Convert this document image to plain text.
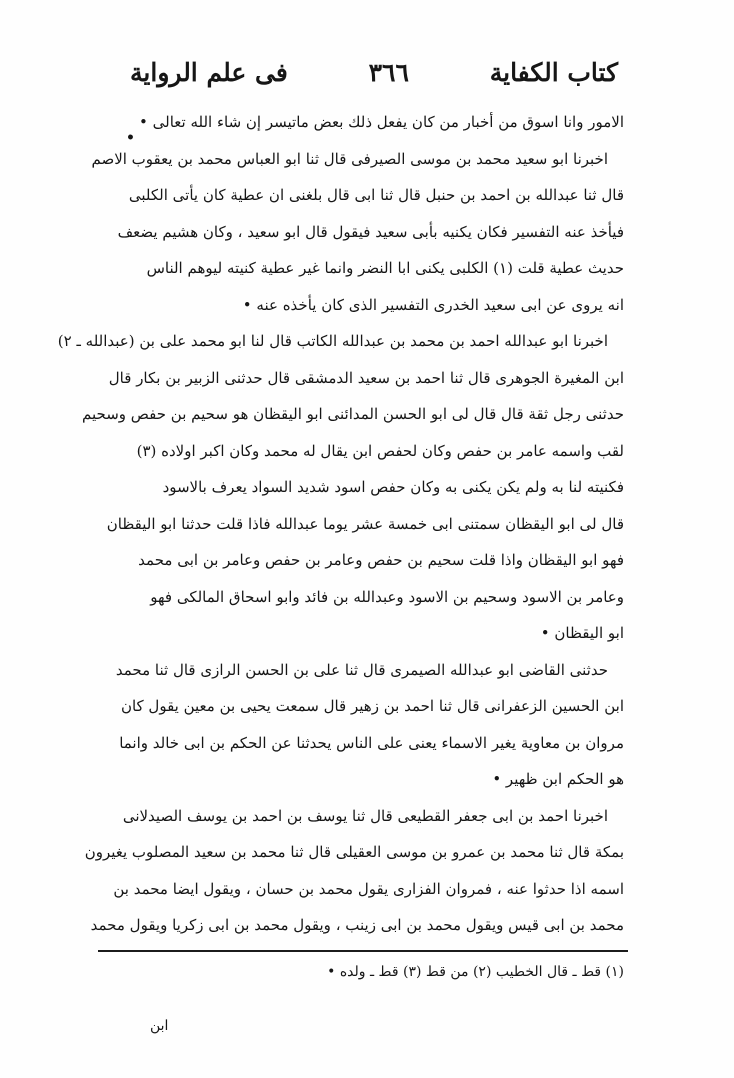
كتاب الكفاية
٣٦٦
فى علم الرواية
•
الامور وانا اسوق من أخبار من كان يفعل ذلك بعض ماتيسر إن شاء الله تعالى •
اخبرنا ابو سعيد محمد بن موسى الصيرفى قال ثنا ابو العباس محمد بن يعقوب الاصم
قال ثنا عبدالله بن احمد بن حنبل قال ثنا ابى قال بلغنى ان عطية كان يأتى الكلبى
فيأخذ عنه التفسير فكان يكنيه بأبى سعيد فيقول قال ابو سعيد ، وكان هشيم يضعف
حديث عطية قلت (١) الكلبى يكنى ابا النضر وانما غير عطية كنيته ليوهم الناس
انه يروى عن ابى سعيد الخدرى التفسير الذى كان يأخذه عنه •
اخبرنا ابو عبدالله احمد بن محمد بن عبدالله الكاتب قال لنا ابو محمد على بن (عبدالله ـ ٢)
ابن المغيرة الجوهرى قال ثنا احمد بن سعيد الدمشقى قال حدثنى الزبير بن بكار قال
حدثنى رجل ثقة قال قال لى ابو الحسن المدائنى ابو اليقظان هو سحيم بن حفص وسحيم
لقب واسمه عامر بن حفص وكان لحفص ابن يقال له محمد وكان اكبر اولاده (٣)
فكنيته لنا به ولم يكن يكنى به وكان حفص اسود شديد السواد يعرف بالاسود
قال لى ابو اليقظان سمتنى ابى خمسة عشر يوما عبدالله فاذا قلت حدثنا ابو اليقظان
فهو ابو اليقظان واذا قلت سحيم بن حفص وعامر بن حفص وعامر بن ابى محمد
وعامر بن الاسود وسحيم بن الاسود وعبدالله بن فائد وابو اسحاق المالكى فهو
ابو اليقظان •
حدثنى القاضى ابو عبدالله الصيمرى قال ثنا على بن الحسن الرازى قال ثنا محمد
ابن الحسين الزعفرانى قال ثنا احمد بن زهير قال سمعت يحيى بن معين يقول كان
مروان بن معاوية يغير الاسماء يعنى على الناس يحدثنا عن الحكم بن ابى خالد وانما
هو الحكم ابن ظهير •
اخبرنا احمد بن ابى جعفر القطيعى قال ثنا يوسف بن احمد بن يوسف الصيدلانى
بمكة قال ثنا محمد بن عمرو بن موسى العقيلى قال ثنا محمد بن سعيد المصلوب يغيرون
اسمه اذا حدثوا عنه ، فمروان الفزارى يقول محمد بن حسان ، ويقول ايضا محمد بن
محمد بن ابى قيس ويقول محمد بن ابى زينب ، ويقول محمد بن ابى زكريا ويقول محمد
(١) قط ـ قال الخطيب (٢) من قط (٣) قط ـ ولده •
ابن
